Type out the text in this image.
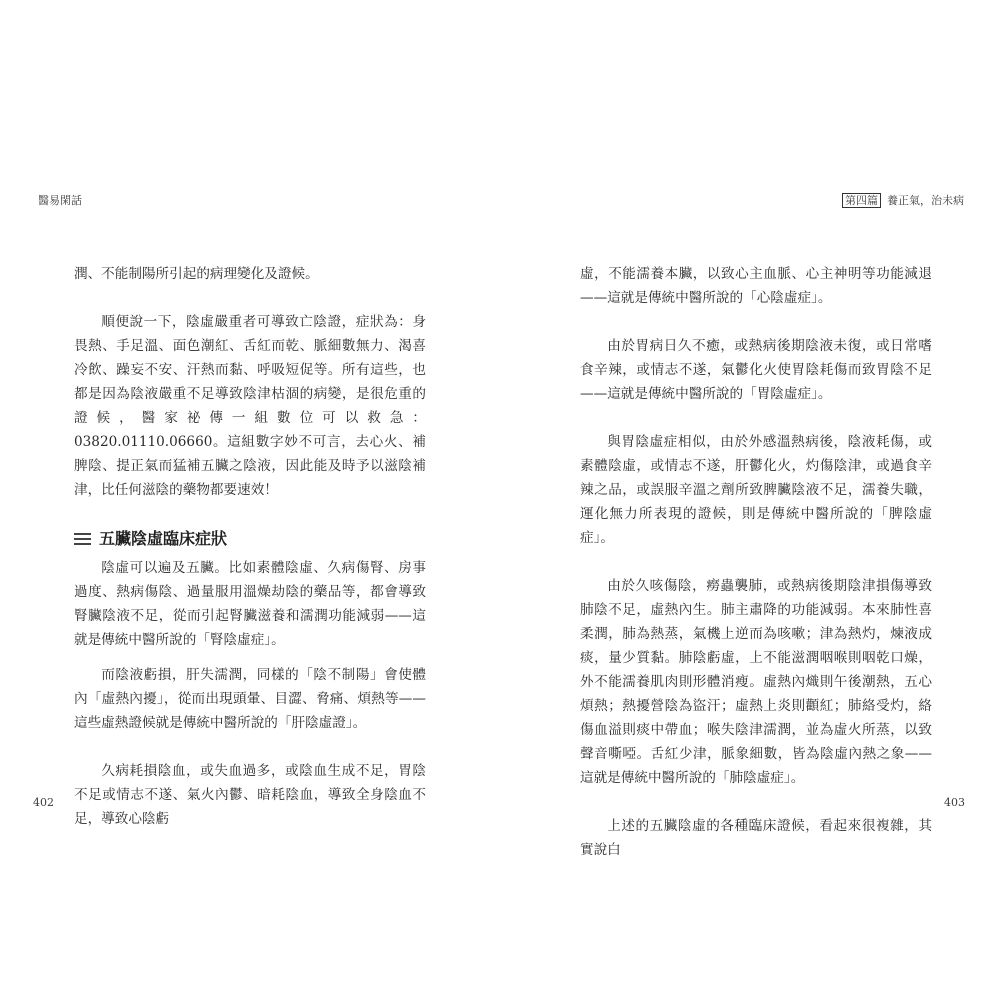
醫易閑話	第四篇 養正氣，治未病

潤、不能制陽所引起的病理變化及證候。

順便說一下，陰虛嚴重者可導致亡陰證，症狀為：身畏熱、手足溫、面色潮紅、舌紅而乾、脈細數無力、渴喜冷飲、躁妄不安、汗熱而黏、呼吸短促等。所有這些，也都是因為陰液嚴重不足導致陰津枯涸的病變，是很危重的證候，醫家祕傳一組數位可以救急：03820.01110.06660。這組數字妙不可言，去心火、補脾陰、提正氣而猛補五臟之陰液，因此能及時予以滋陰補津，比任何滋陰的藥物都要速效！

五臟陰虛臨床症狀

陰虛可以遍及五臟。比如素體陰虛、久病傷腎、房事過度、熱病傷陰、過量服用溫燥劫陰的藥品等，都會導致腎臟陰液不足，從而引起腎臟滋養和濡潤功能減弱——這就是傳統中醫所說的「腎陰虛症」。

而陰液虧損，肝失濡潤，同樣的「陰不制陽」會使體內「虛熱內擾」，從而出現頭暈、目澀、脅痛、煩熱等——這些虛熱證候就是傳統中醫所說的「肝陰虛證」。

久病耗損陰血，或失血過多，或陰血生成不足，胃陰不足或情志不遂、氣火內鬱、暗耗陰血，導致全身陰血不足，導致心陰虧

虛，不能濡養本臟，以致心主血脈、心主神明等功能減退——這就是傳統中醫所說的「心陰虛症」。

由於胃病日久不癒，或熱病後期陰液未復，或日常嗜食辛辣，或情志不遂，氣鬱化火使胃陰耗傷而致胃陰不足——這就是傳統中醫所說的「胃陰虛症」。

與胃陰虛症相似，由於外感溫熱病後，陰液耗傷，或素體陰虛，或情志不遂，肝鬱化火，灼傷陰津，或過食辛辣之品，或誤服辛溫之劑所致脾臟陰液不足，濡養失職，運化無力所表現的證候，則是傳統中醫所說的「脾陰虛症」。

由於久咳傷陰，癆蟲襲肺，或熱病後期陰津損傷導致肺陰不足，虛熱內生。肺主肅降的功能減弱。本來肺性喜柔潤，肺為熱蒸，氣機上逆而為咳嗽；津為熱灼，煉液成痰，量少質黏。肺陰虧虛，上不能滋潤咽喉則咽乾口燥，外不能濡養肌肉則形體消瘦。虛熱內熾則午後潮熱，五心煩熱；熱擾營陰為盜汗；虛熱上炎則顴紅；肺絡受灼，絡傷血溢則痰中帶血；喉失陰津濡潤，並為虛火所蒸，以致聲音嘶啞。舌紅少津，脈象細數，皆為陰虛內熱之象——這就是傳統中醫所說的「肺陰虛症」。

上述的五臟陰虛的各種臨床證候，看起來很複雜，其實說白

402	403
